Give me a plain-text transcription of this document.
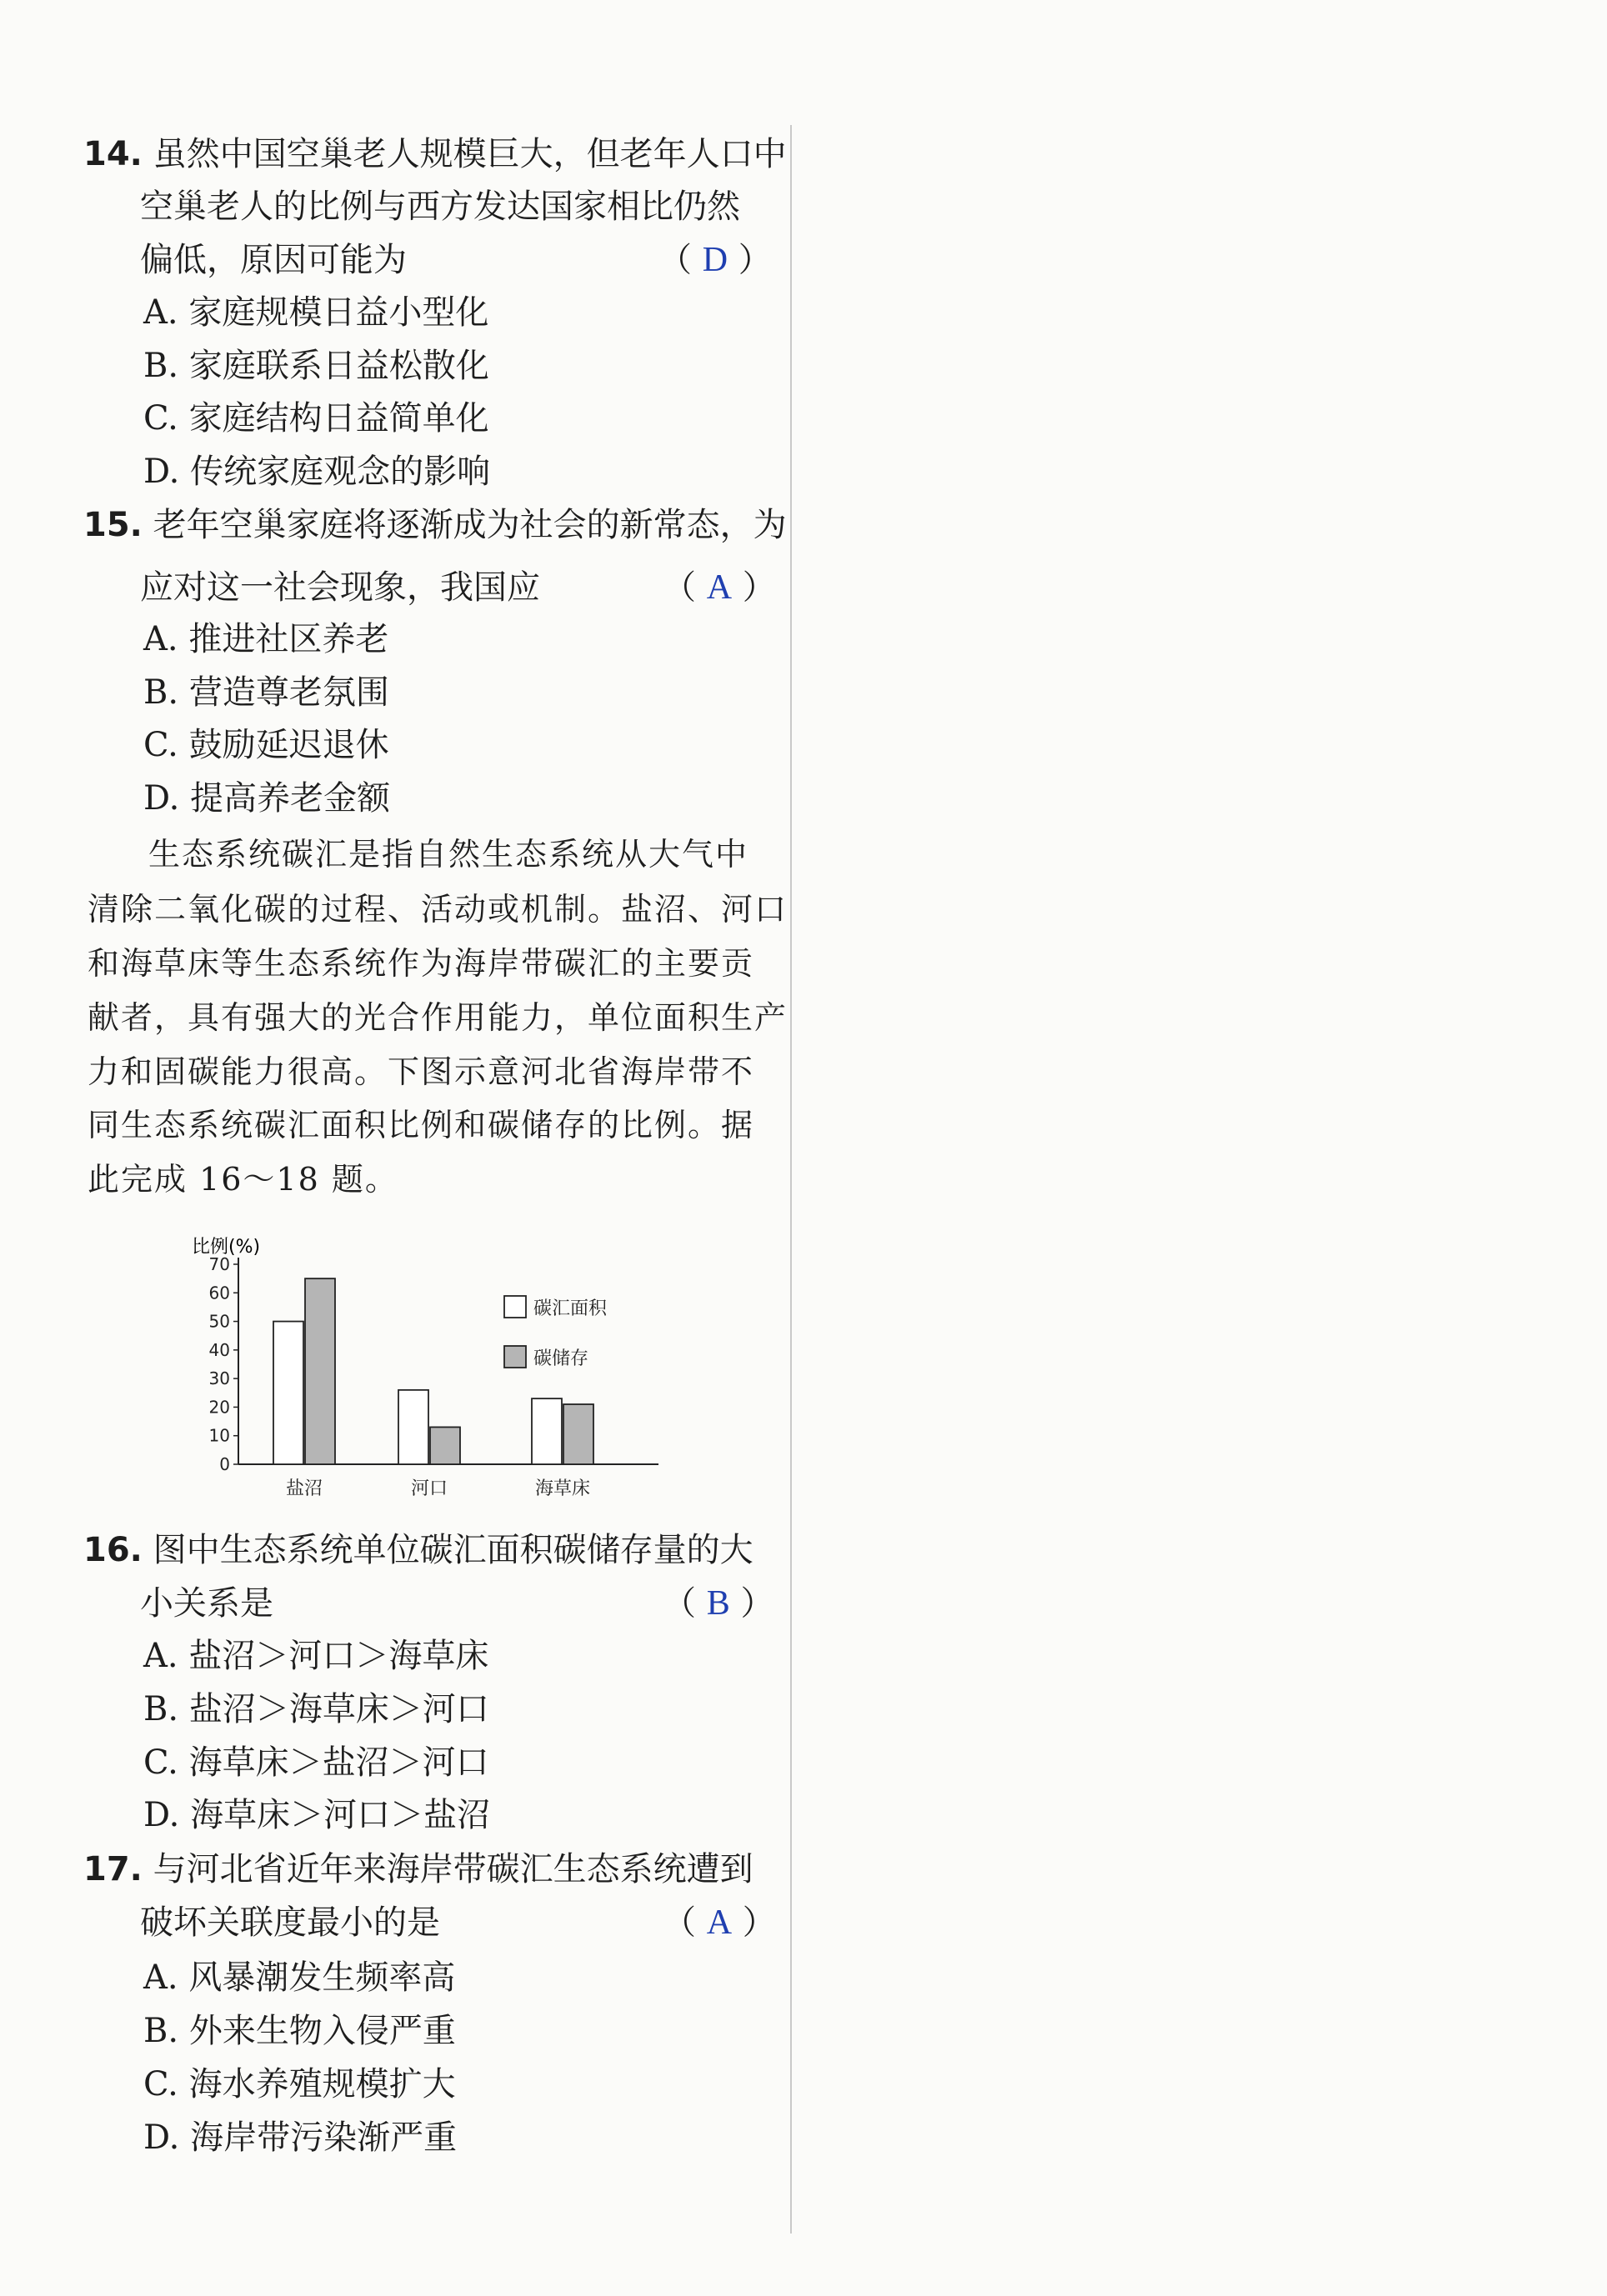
14. 虽然中国空巢老人规模巨大，但老年人口中
空巢老人的比例与西方发达国家相比仍然
偏低，原因可能为	（ D ）
A. 家庭规模日益小型化
B. 家庭联系日益松散化
C. 家庭结构日益简单化
D. 传统家庭观念的影响
15. 老年空巢家庭将逐渐成为社会的新常态，为
应对这一社会现象，我国应	（ A ）
A. 推进社区养老
B. 营造尊老氛围
C. 鼓励延迟退休
D. 提高养老金额
生态系统碳汇是指自然生态系统从大气中
清除二氧化碳的过程、活动或机制。盐沼、河口
和海草床等生态系统作为海岸带碳汇的主要贡
献者，具有强大的光合作用能力，单位面积生产
力和固碳能力很高。下图示意河北省海岸带不
同生态系统碳汇面积比例和碳储存的比例。据
此完成 16～18 题。
比例(%)
0
10
20
30
40
50
60
70
盐沼	河口	海草床
碳汇面积
碳储存
16. 图中生态系统单位碳汇面积碳储存量的大
小关系是	（ B ）
A. 盐沼＞河口＞海草床
B. 盐沼＞海草床＞河口
C. 海草床＞盐沼＞河口
D. 海草床＞河口＞盐沼
17. 与河北省近年来海岸带碳汇生态系统遭到
破坏关联度最小的是	（ A ）
A. 风暴潮发生频率高
B. 外来生物入侵严重
C. 海水养殖规模扩大
D. 海岸带污染渐严重
